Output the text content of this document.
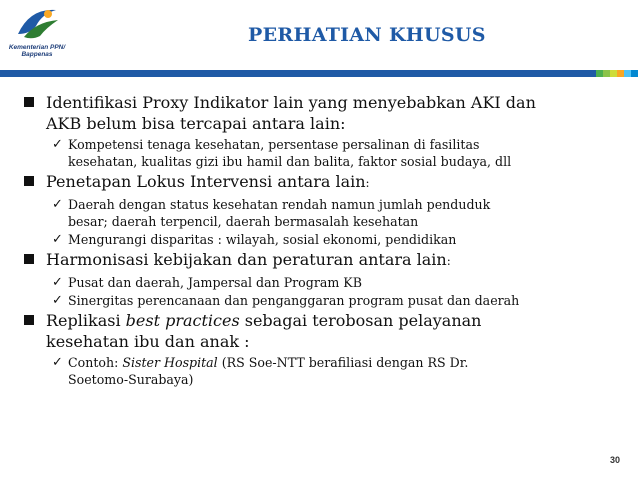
Kementerian PPN/
Bappenas
PERHATIAN KHUSUS
Identifikasi Proxy Indikator lain yang menyebabkan AKI dan
AKB belum bisa tercapai antara lain:
✓ Kompetensi tenaga kesehatan, persentase persalinan di fasilitas
kesehatan, kualitas gizi ibu hamil dan balita, faktor sosial budaya, dll
Penetapan Lokus Intervensi antara lain:
✓ Daerah dengan status kesehatan rendah namun jumlah penduduk
besar; daerah terpencil, daerah bermasalah kesehatan
✓ Mengurangi disparitas : wilayah, sosial ekonomi, pendidikan
Harmonisasi kebijakan dan peraturan antara lain:
✓ Pusat dan daerah, Jampersal dan Program KB
✓ Sinergitas perencanaan dan penganggaran program pusat dan daerah
Replikasi best practices sebagai terobosan pelayanan
kesehatan ibu dan anak :
✓ Contoh: Sister Hospital (RS Soe-NTT berafiliasi dengan RS Dr.
Soetomo-Surabaya)
30
